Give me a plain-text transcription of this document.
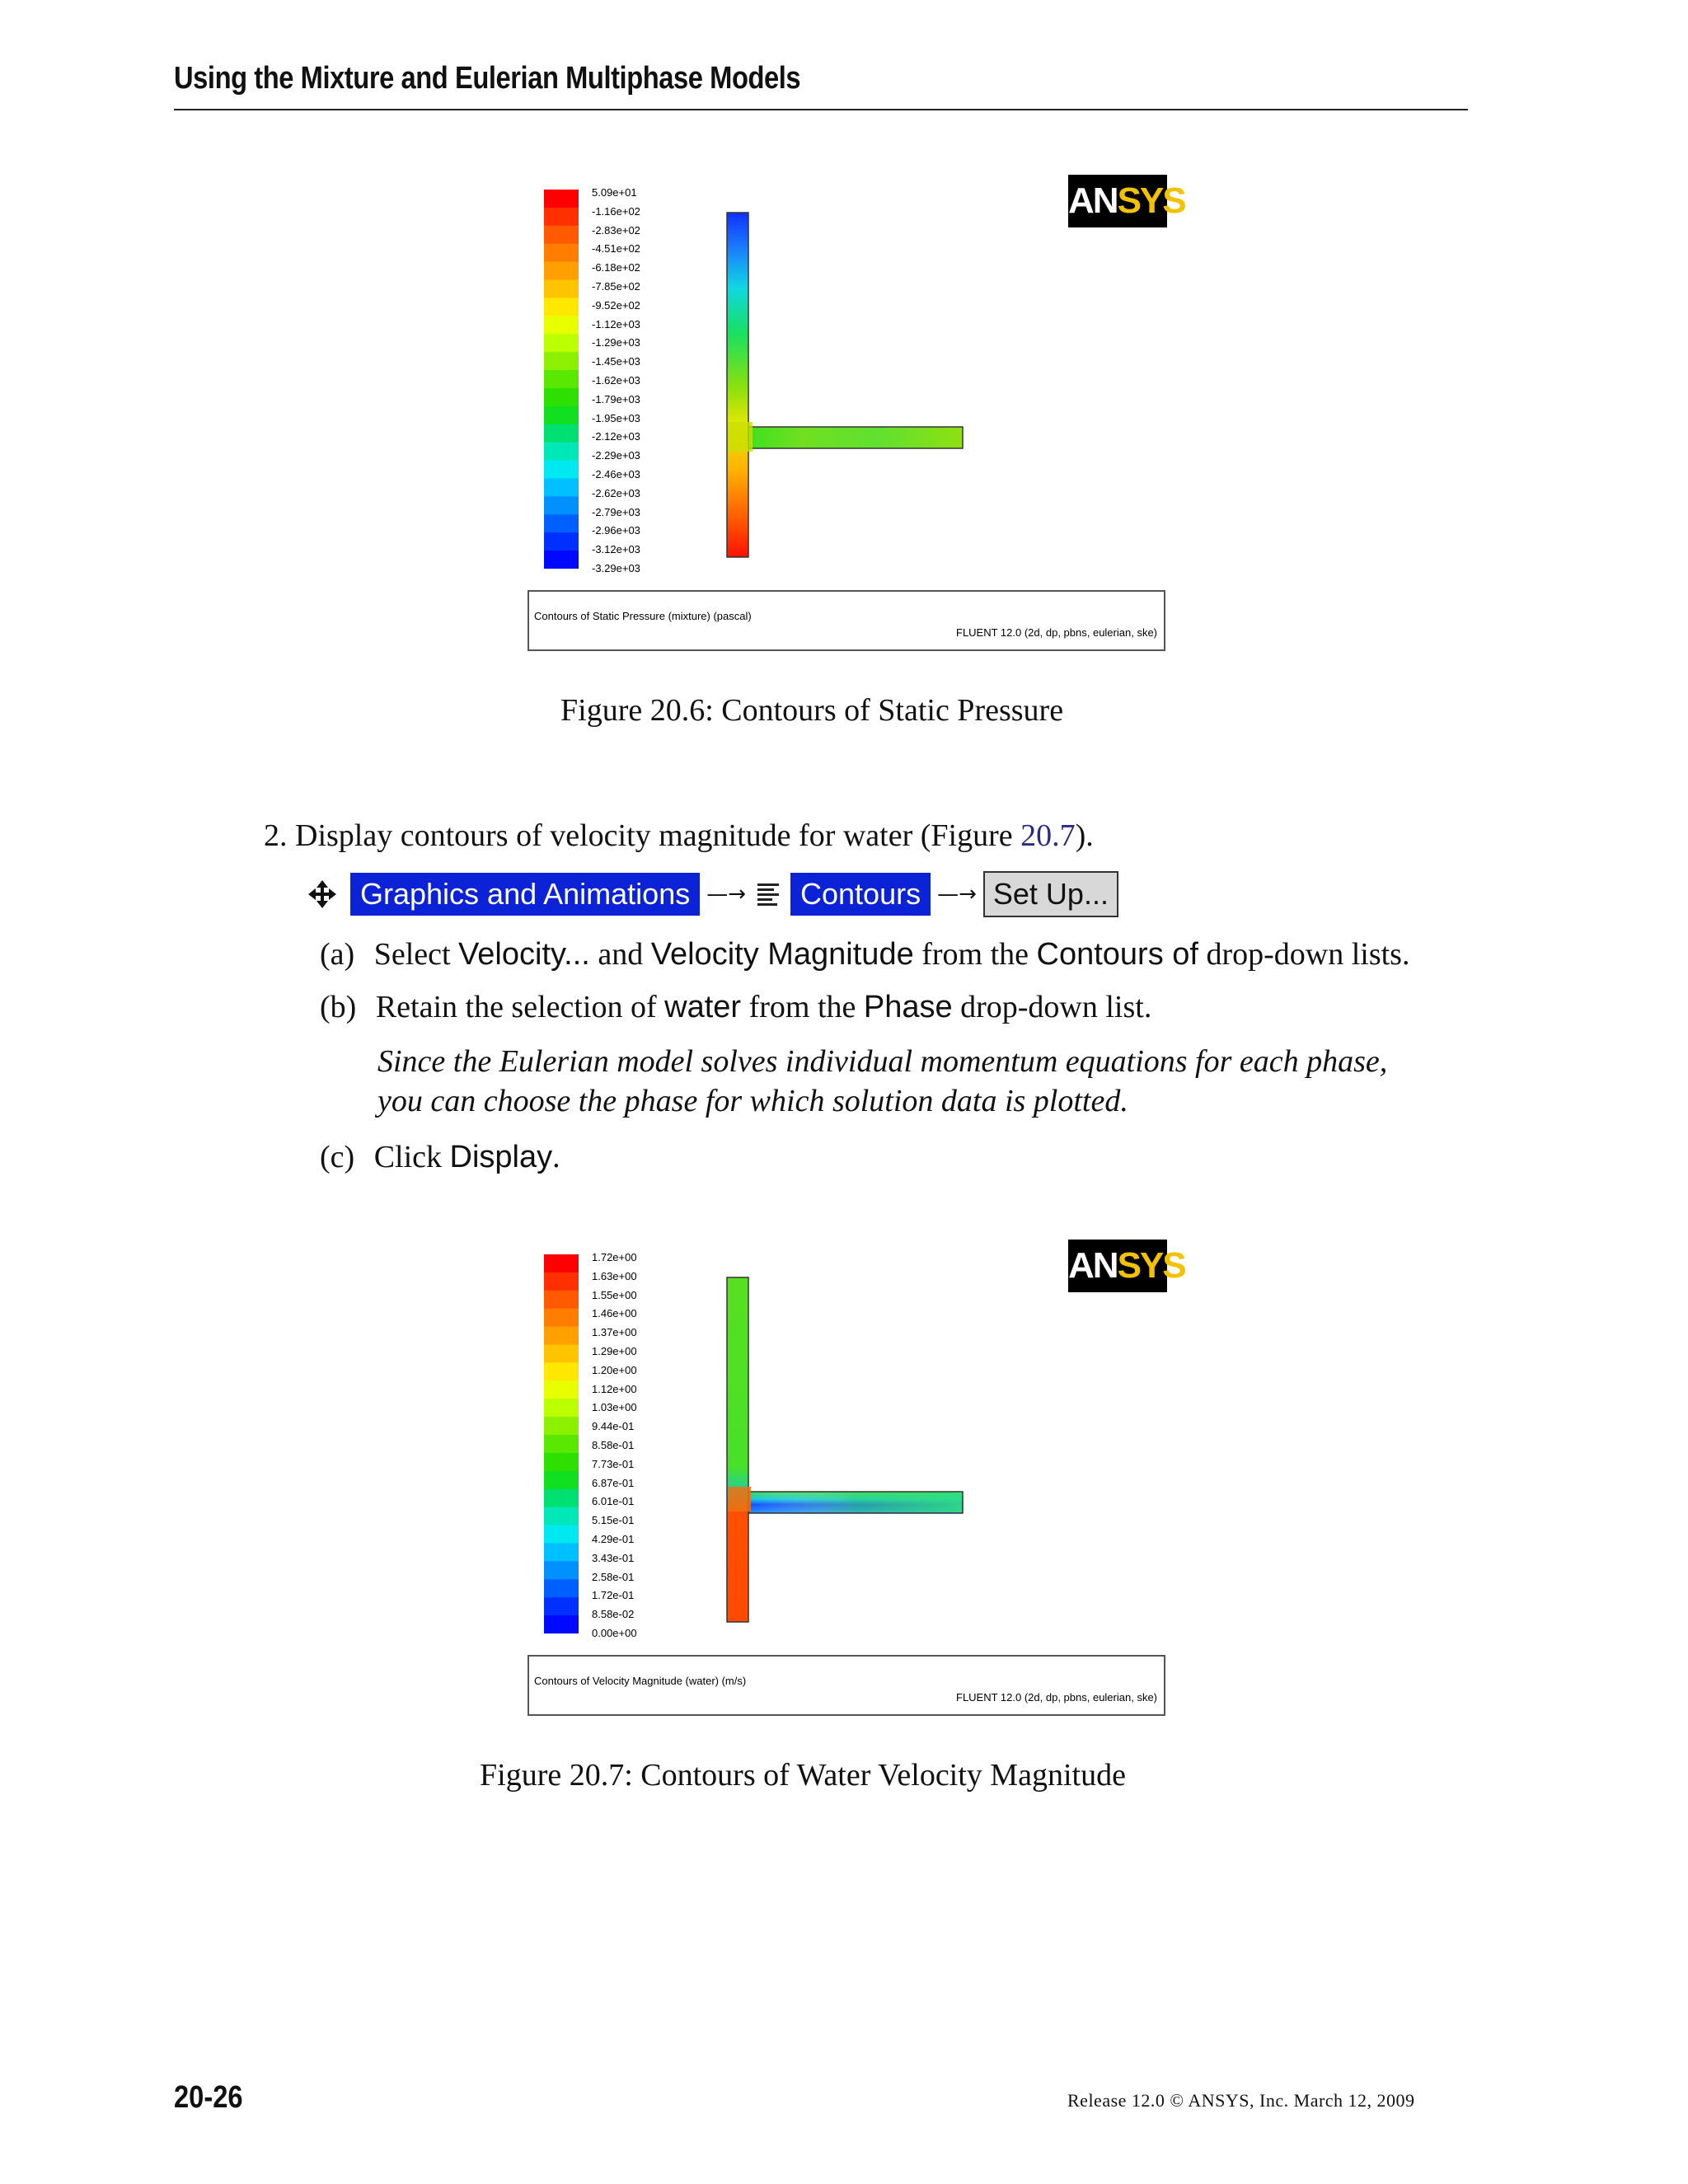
Using the Mixture and Eulerian Multiphase Models
5.09e+01
-1.16e+02
-2.83e+02
-4.51e+02
-6.18e+02
-7.85e+02
-9.52e+02
-1.12e+03
-1.29e+03
-1.45e+03
-1.62e+03
-1.79e+03
-1.95e+03
-2.12e+03
-2.29e+03
-2.46e+03
-2.62e+03
-2.79e+03
-2.96e+03
-3.12e+03
-3.29e+03
ANSYS
Contours of Static Pressure (mixture) (pascal)
FLUENT 12.0 (2d, dp, pbns, eulerian, ske)
Figure 20.6: Contours of Static Pressure
2. Display contours of velocity magnitude for water (Figure 20.7).
Graphics and Animations —→	Contours —→ Set Up...
(a) Select Velocity... and Velocity Magnitude from the Contours of drop-down lists.
(b) Retain the selection of water from the Phase drop-down list.
Since the Eulerian model solves individual momentum equations for each phase,
you can choose the phase for which solution data is plotted.
(c) Click Display.
1.72e+00
1.63e+00
1.55e+00
1.46e+00
1.37e+00
1.29e+00
1.20e+00
1.12e+00
1.03e+00
9.44e-01
8.58e-01
7.73e-01
6.87e-01
6.01e-01
5.15e-01
4.29e-01
3.43e-01
2.58e-01
1.72e-01
8.58e-02
0.00e+00
ANSYS
Contours of Velocity Magnitude (water) (m/s)
FLUENT 12.0 (2d, dp, pbns, eulerian, ske)
Figure 20.7: Contours of Water Velocity Magnitude
20-26	Release 12.0 © ANSYS, Inc. March 12, 2009
